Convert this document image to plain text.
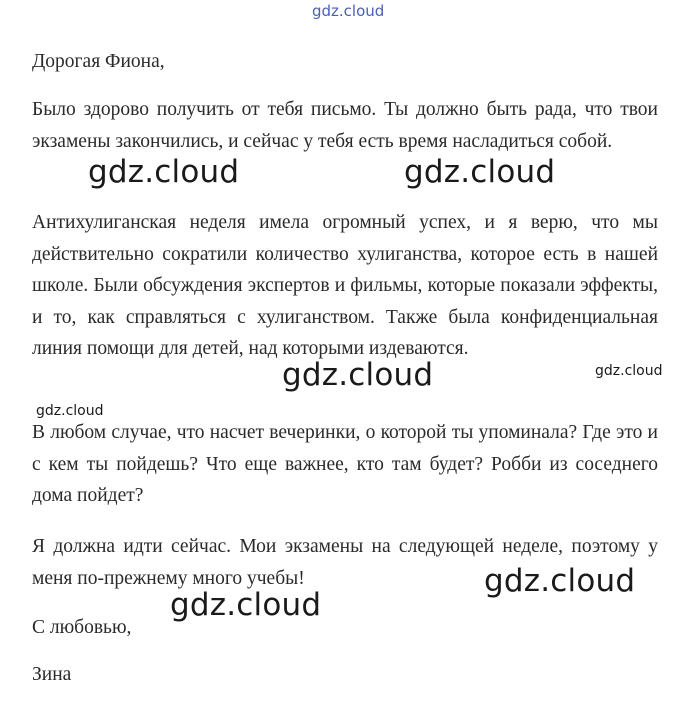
gdz.cloud
Дорогая Фиона,

Было здорово получить от тебя письмо. Ты должно быть рада, что твои экзамены закончились, и сейчас у тебя есть время насладиться собой.

Антихулиганская неделя имела огромный успех, и я верю, что мы действительно сократили количество хулиганства, которое есть в нашей школе. Были обсуждения экспертов и фильмы, которые показали эффекты, и то, как справляться с хулиганством. Также была конфиденциальная линия помощи для детей, над которыми издеваются.

В любом случае, что насчет вечеринки, о которой ты упоминала? Где это и с кем ты пойдешь? Что еще важнее, кто там будет? Робби из соседнего дома пойдет?

Я должна идти сейчас. Мои экзамены на следующей неделе, поэтому у меня по-прежнему много учебы!

С любовью,
Зина
gdz.cloud	gdz.cloud
gdz.cloud	gdz.cloud
gdz.cloud
gdz.cloud
gdz.cloud
